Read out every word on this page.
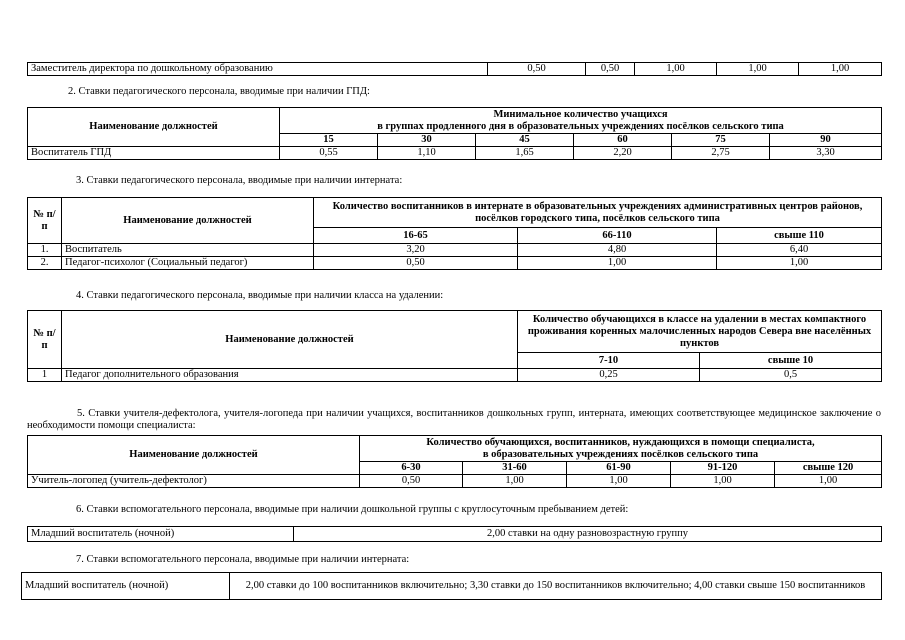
Заместитель директора по дошкольному образованию	0,50	0,50	1,00	1,00	1,00
2. Ставки педагогического персонала, вводимые при наличии ГПД:
Наименование должностей	Минимальное количество учащихся
в группах продленного дня в образовательных учреждениях посёлков сельского типа					

	15	30	45	60	75	90
Воспитатель ГПД	0,55	1,10	1,65	2,20	2,75	3,30
3. Ставки педагогического персонала, вводимые при наличии интерната:
№ п/п	Наименование должностей	Количество воспитанников в интернате в образовательных учреждениях административных центров районов, посёлков городского типа, посёлков сельского типа		
		16-65	66-110	свыше 110
1.	Воспитатель	3,20	4,80	6,40
2.	Педагог-психолог (Социальный педагог)	0,50	1,00	1,00
4. Ставки педагогического персонала, вводимые при наличии класса на удалении:
№ п/п	Наименование должностей	Количество обучающихся в классе на удалении в местах компактного проживания коренных малочисленных народов Севера вне населённых пунктов	
		7-10	свыше 10
1	Педагог дополнительного образования	0,25	0,5
5. Ставки учителя-дефектолога, учителя-логопеда при наличии учащихся, воспитанников дошкольных групп, интерната, имеющих соответствующее медицинское заключение о необходимости помощи специалиста:
Наименование должностей	Количество обучающихся, воспитанников, нуждающихся в помощи специалиста,
в образовательных учреждениях посёлков сельского типа				

	6-30	31-60	61-90	91-120	свыше 120
Учитель-логопед (учитель-дефектолог)	0,50	1,00	1,00	1,00	1,00
6. Ставки вспомогательного персонала, вводимые при наличии дошкольной группы с круглосуточным пребыванием детей:
Младший воспитатель (ночной)	2,00 ставки на одну разновозрастную группу
7. Ставки вспомогательного персонала, вводимые при наличии интерната:
Младший воспитатель (ночной)	2,00 ставки до 100 воспитанников включительно; 3,30 ставки до 150 воспитанников включительно; 4,00 ставки свыше 150 воспитанников
